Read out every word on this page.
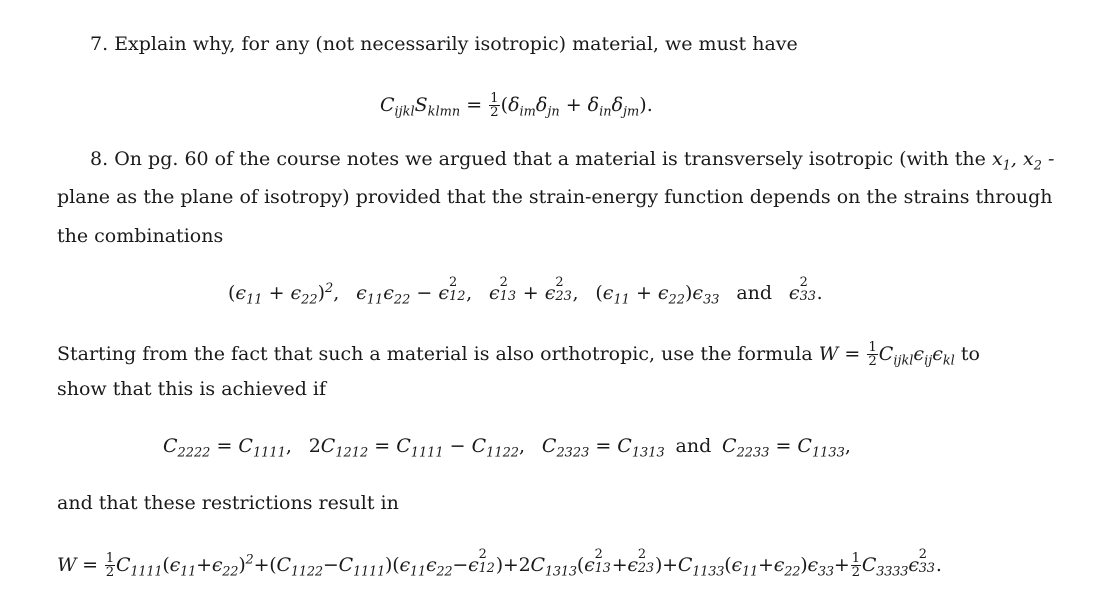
7. Explain why, for any (not necessarily isotropic) material, we must have
$C_{ijkl}S_{klmn} = \frac{1}{2} (\delta_{im}\delta_{jn} + \delta_{in}\delta_{jm})$.
8. On pg. 60 of the course notes we argued that a material is transversely isotropic (with the $x_1$, $x_2$ -
plane as the plane of isotropy) provided that the strain-energy function depends on the strains through
the combinations
$(\epsilon_{11} + \epsilon_{22})^2$,  $\epsilon_{11}\epsilon_{22} - \epsilon$ 2
12 , ϵ 2
13 + ϵ 2
23 , $(\epsilon_{11} + \epsilon_{22})\epsilon_{33}$ and ϵ 2
33 .
Starting from the fact that such a material is also orthotropic, use the formula $W = \frac{1}{2} C_{ijkl}\epsilon_{ij}\epsilon_{kl}$ to
show that this is achieved if
$C_{2222} = C_{1111}$, $2C_{1212} = C_{1111} - C_{1122}$,  $C_{2323} = C_{1313}$ and $C_{2233} = C_{1133}$,
and that these restrictions result in
$W = \frac{1}{2} C_{1111}(\epsilon_{11}+\epsilon_{22})^2+(C_{1122}-C_{1111})(\epsilon_{11}\epsilon_{22}-\epsilon$ 2
12 )$+2C_{1313}(\epsilon$ 2
13 +ϵ 2
23 )$+C_{1133}(\epsilon_{11}+\epsilon_{22})\epsilon_{33}+ \frac{1}{2} C_{3333}\epsilon$ 2
33 .
